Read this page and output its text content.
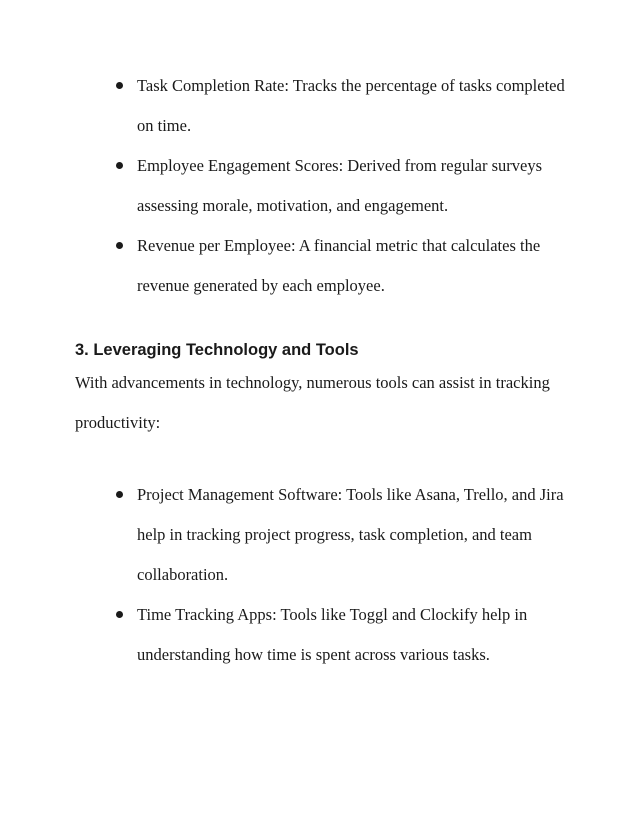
Task Completion Rate: Tracks the percentage of tasks completed on time.
Employee Engagement Scores: Derived from regular surveys assessing morale, motivation, and engagement.
Revenue per Employee: A financial metric that calculates the revenue generated by each employee.
3. Leveraging Technology and Tools

With advancements in technology, numerous tools can assist in tracking productivity:

Project Management Software: Tools like Asana, Trello, and Jira help in tracking project progress, task completion, and team collaboration.
Time Tracking Apps: Tools like Toggl and Clockify help in understanding how time is spent across various tasks.
